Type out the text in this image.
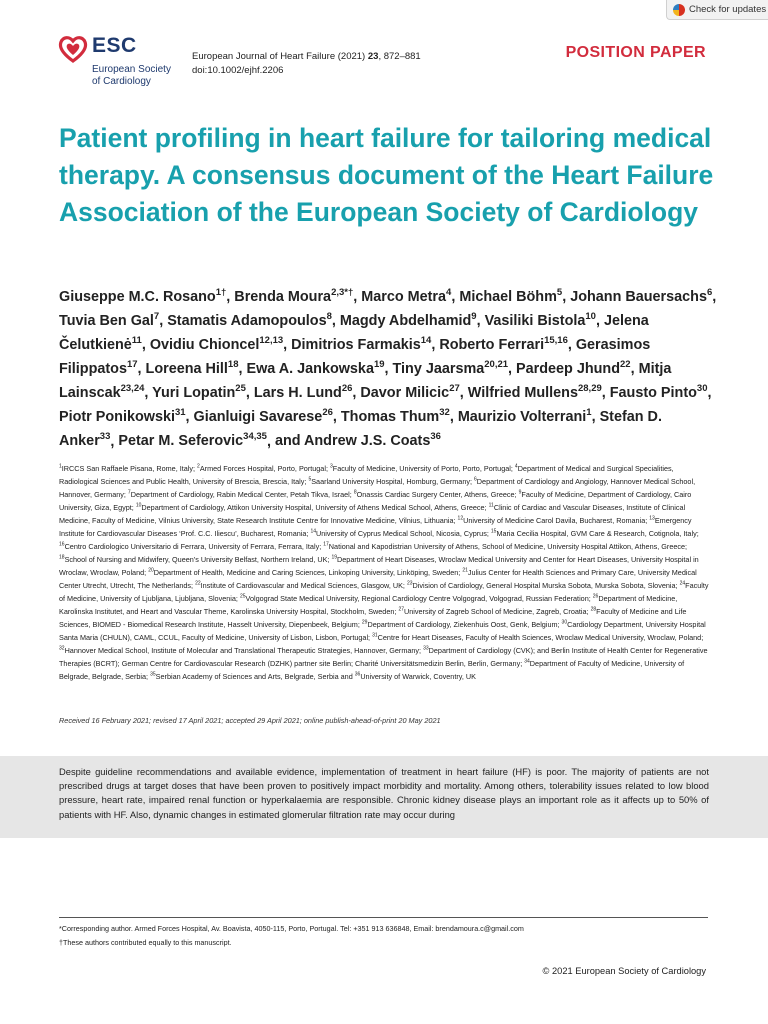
Check for updates
ESC
European Society
of Cardiology
European Journal of Heart Failure (2021) 23, 872–881
doi:10.1002/ejhf.2206
POSITION PAPER
Patient profiling in heart failure for tailoring medical therapy. A consensus document of the Heart Failure Association of the European Society of Cardiology

Giuseppe M.C. Rosano$^{1\dagger}$, Brenda Moura$^{2,3*\dagger}$, Marco Metra$^4$, Michael Böhm$^5$, Johann Bauersachs$^6$, Tuvia Ben Gal$^7$, Stamatis Adamopoulos$^8$, Magdy Abdelhamid$^9$, Vasiliki Bistola$^{10}$, Jelena Čelutkienė$^{11}$, Ovidiu Chioncel$^{12,13}$, Dimitrios Farmakis$^{14}$, Roberto Ferrari$^{15,16}$, Gerasimos Filippatos$^{17}$, Loreena Hill$^{18}$, Ewa A. Jankowska$^{19}$, Tiny Jaarsma$^{20,21}$, Pardeep Jhund$^{22}$, Mitja Lainscak$^{23,24}$, Yuri Lopatin$^{25}$, Lars H. Lund$^{26}$, Davor Milicic$^{27}$, Wilfried Mullens$^{28,29}$, Fausto Pinto$^{30}$, Piotr Ponikowski$^{31}$, Gianluigi Savarese$^{26}$, Thomas Thum$^{32}$, Maurizio Volterrani$^1$, Stefan D. Anker$^{33}$, Petar M. Seferovic$^{34,35}$, and Andrew J.S. Coats$^{36}$

$^1$IRCCS San Raffaele Pisana, Rome, Italy; $^2$Armed Forces Hospital, Porto, Portugal; $^3$Faculty of Medicine, University of Porto, Porto, Portugal; $^4$Department of Medical and Surgical Specialities, Radiological Sciences and Public Health, University of Brescia, Brescia, Italy; $^5$Saarland University Hospital, Homburg, Germany; $^6$Department of Cardiology and Angiology, Hannover Medical School, Hannover, Germany; $^7$Department of Cardiology, Rabin Medical Center, Petah Tikva, Israel; $^8$Onassis Cardiac Surgery Center, Athens, Greece; $^9$Faculty of Medicine, Department of Cardiology, Cairo University, Giza, Egypt; $^{10}$Department of Cardiology, Attikon University Hospital, University of Athens Medical School, Athens, Greece; $^{11}$Clinic of Cardiac and Vascular Diseases, Institute of Clinical Medicine, Faculty of Medicine, Vilnius University, State Research Institute Centre for Innovative Medicine, Vilnius, Lithuania; $^{12}$University of Medicine Carol Davila, Bucharest, Romania; $^{13}$Emergency Institute for Cardiovascular Diseases ‘Prof. C.C. Iliescu’, Bucharest, Romania; $^{14}$University of Cyprus Medical School, Nicosia, Cyprus; $^{15}$Maria Cecilia Hospital, GVM Care & Research, Cotignola, Italy; $^{16}$Centro Cardiologico Universitario di Ferrara, University of Ferrara, Ferrara, Italy; $^{17}$National and Kapodistrian University of Athens, School of Medicine, University Hospital Attikon, Athens, Greece; $^{18}$School of Nursing and Midwifery, Queen’s University Belfast, Northern Ireland, UK; $^{19}$Department of Heart Diseases, Wroclaw Medical University and Center for Heart Diseases, University Hospital in Wroclaw, Wroclaw, Poland; $^{20}$Department of Health, Medicine and Caring Sciences, Linkoping University, Linköping, Sweden; $^{21}$Julius Center for Health Sciences and Primary Care, University Medical Center Utrecht, Utrecht, The Netherlands; $^{22}$Institute of Cardiovascular and Medical Sciences, Glasgow, UK; $^{23}$Division of Cardiology, General Hospital Murska Sobota, Murska Sobota, Slovenia; $^{24}$Faculty of Medicine, University of Ljubljana, Ljubljana, Slovenia; $^{25}$Volgograd State Medical University, Regional Cardiology Centre Volgograd, Volgograd, Russian Federation; $^{26}$Department of Medicine, Karolinska Institutet, and Heart and Vascular Theme, Karolinska University Hospital, Stockholm, Sweden; $^{27}$University of Zagreb School of Medicine, Zagreb, Croatia; $^{28}$Faculty of Medicine and Life Sciences, BIOMED - Biomedical Research Institute, Hasselt University, Diepenbeek, Belgium; $^{29}$Department of Cardiology, Ziekenhuis Oost, Genk, Belgium; $^{30}$Cardiology Department, University Hospital Santa Maria (CHULN), CAML, CCUL, Faculty of Medicine, University of Lisbon, Lisbon, Portugal; $^{31}$Centre for Heart Diseases, Faculty of Health Sciences, Wroclaw Medical University, Wroclaw, Poland; $^{32}$Hannover Medical School, Institute of Molecular and Translational Therapeutic Strategies, Hannover, Germany; $^{33}$Department of Cardiology (CVK); and Berlin Institute of Health Center for Regenerative Therapies (BCRT); German Centre for Cardiovascular Research (DZHK) partner site Berlin; Charité Universitätsmedizin Berlin, Berlin, Germany; $^{34}$Department of Faculty of Medicine, University of Belgrade, Belgrade, Serbia; $^{35}$Serbian Academy of Sciences and Arts, Belgrade, Serbia and $^{36}$University of Warwick, Coventry, UK

Received 16 February 2021; revised 17 April 2021; accepted 29 April 2021; online publish-ahead-of-print 20 May 2021

Despite guideline recommendations and available evidence, implementation of treatment in heart failure (HF) is poor. The majority of patients are not prescribed drugs at target doses that have been proven to positively impact morbidity and mortality. Among others, tolerability issues related to low blood pressure, heart rate, impaired renal function or hyperkalaemia are responsible. Chronic kidney disease plays an important role as it affects up to 50% of patients with HF. Also, dynamic changes in estimated glomerular filtration rate may occur during

*Corresponding author. Armed Forces Hospital, Av. Boavista, 4050-115, Porto, Portugal. Tel: +351 913 636848, Email: brendamoura.c@gmail.com
†These authors contributed equally to this manuscript.
© 2021 European Society of Cardiology
